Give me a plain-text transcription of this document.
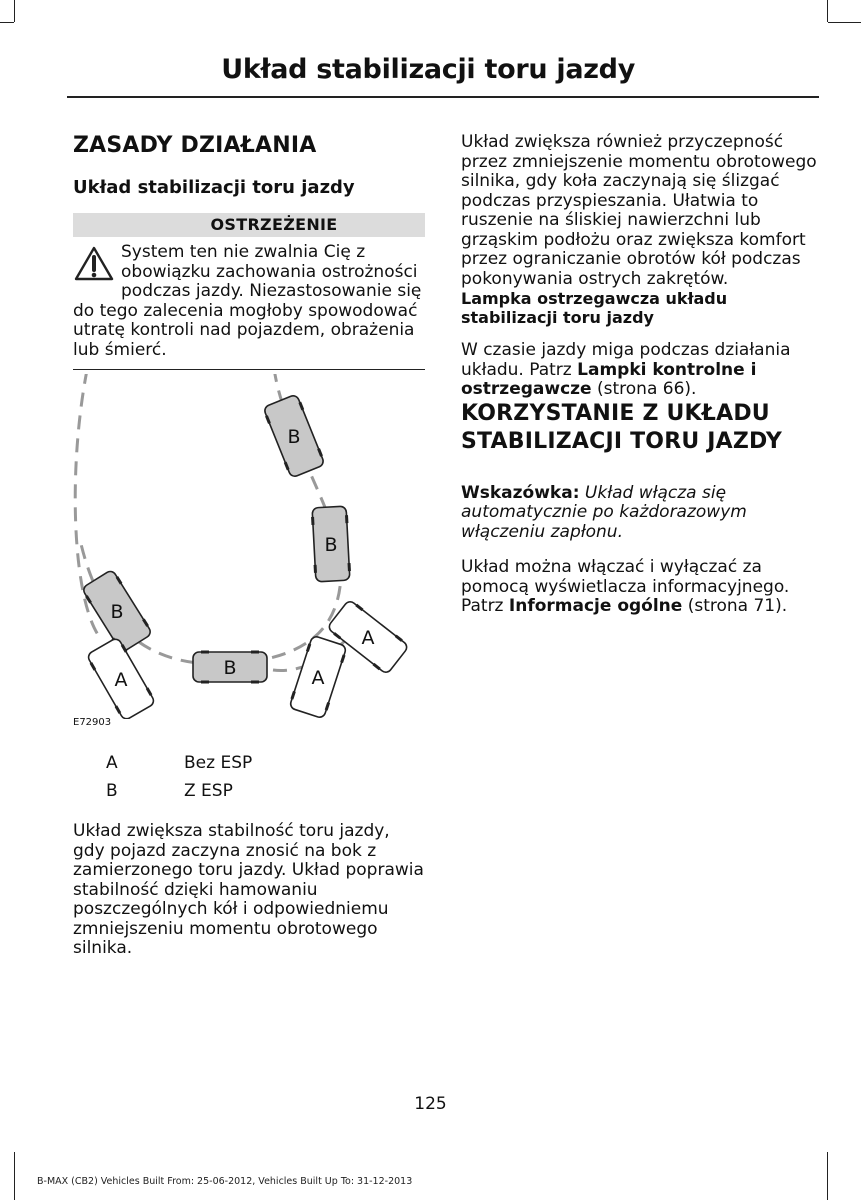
Układ stabilizacji toru jazdy
ZASADY DZIAŁANIA
Układ stabilizacji toru jazdy
OSTRZEŻENIE

System ten nie zwalnia Cię z obowiązku zachowania ostrożności podczas jazdy. Niezastosowanie się do tego zalecenia mogłoby spowodować utratę kontroli nad pojazdem, obrażenia lub śmierć.

B
B
A
B
B
A	A
E72903
A	Bez ESP
B	Z ESP

Układ zwiększa stabilność toru jazdy, gdy pojazd zaczyna znosić na bok z zamierzonego toru jazdy. Układ poprawia stabilność dzięki hamowaniu poszczególnych kół i odpowiedniemu zmniejszeniu momentu obrotowego silnika.

Układ zwiększa również przyczepność przez zmniejszenie momentu obrotowego silnika, gdy koła zaczynają się ślizgać podczas przyspieszania. Ułatwia to ruszenie na śliskiej nawierzchni lub grząskim podłożu oraz zwiększa komfort przez ograniczanie obrotów kół podczas pokonywania ostrych zakrętów.

Lampka ostrzegawcza układu stabilizacji toru jazdy

W czasie jazdy miga podczas działania układu. Patrz Lampki kontrolne i ostrzegawcze (strona 66).

KORZYSTANIE Z UKŁADU STABILIZACJI TORU JAZDY

Wskazówka: Układ włącza się automatycznie po każdorazowym włączeniu zapłonu.

Układ można włączać i wyłączać za pomocą wyświetlacza informacyjnego. Patrz Informacje ogólne (strona 71).

125
B-MAX (CB2) Vehicles Built From: 25-06-2012, Vehicles Built Up To: 31-12-2013
